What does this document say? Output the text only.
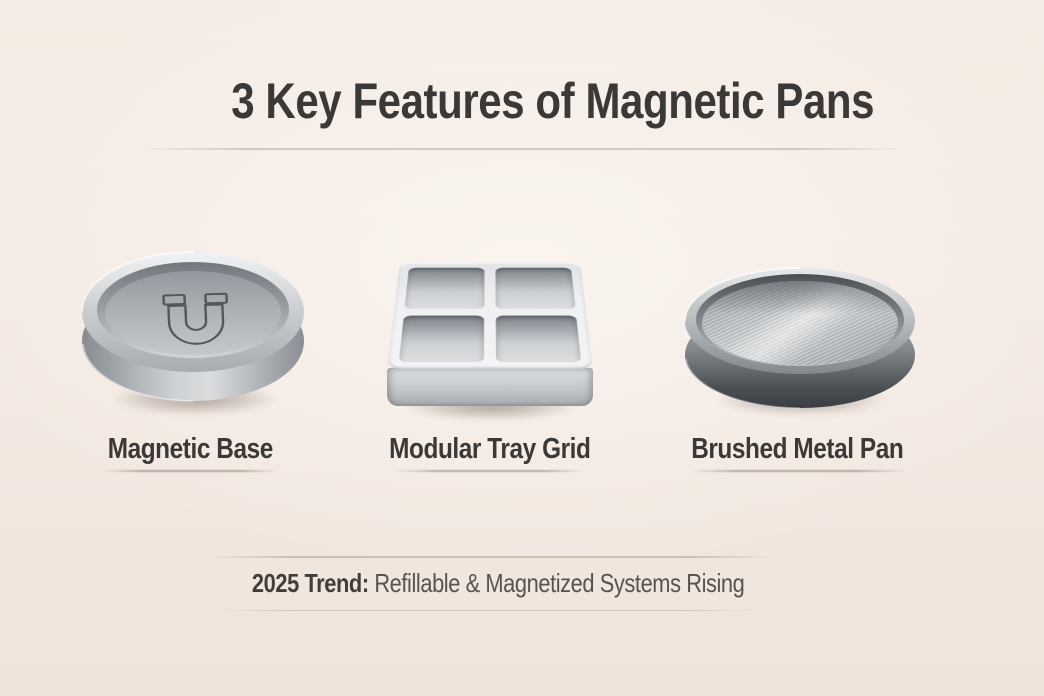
3 Key Features of Magnetic Pans
Magnetic Base	Modular Tray Grid	Brushed Metal Pan
2025 Trend: Refillable & Magnetized Systems Rising
